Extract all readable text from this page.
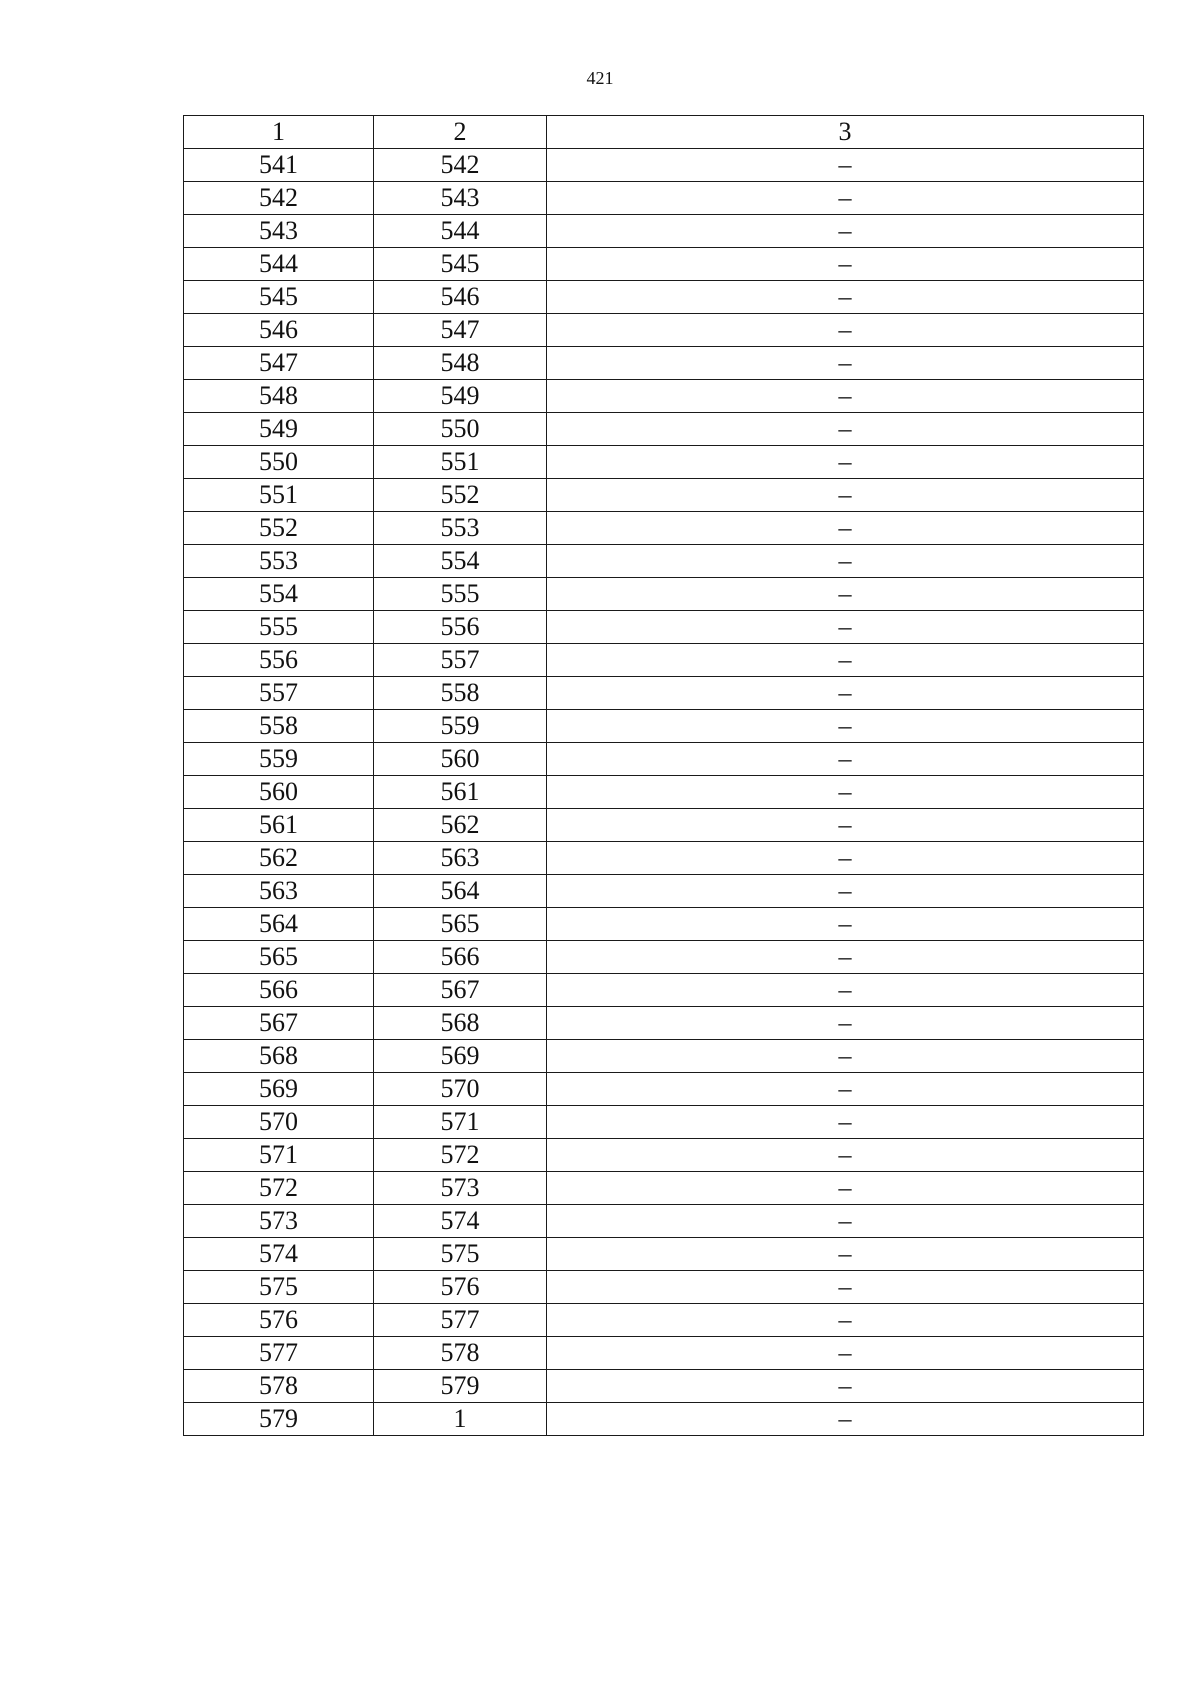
421
1	2	3
541	542	–
542	543	–
543	544	–
544	545	–
545	546	–
546	547	–
547	548	–
548	549	–
549	550	–
550	551	–
551	552	–
552	553	–
553	554	–
554	555	–
555	556	–
556	557	–
557	558	–
558	559	–
559	560	–
560	561	–
561	562	–
562	563	–
563	564	–
564	565	–
565	566	–
566	567	–
567	568	–
568	569	–
569	570	–
570	571	–
571	572	–
572	573	–
573	574	–
574	575	–
575	576	–
576	577	–
577	578	–
578	579	–
579	1	–
